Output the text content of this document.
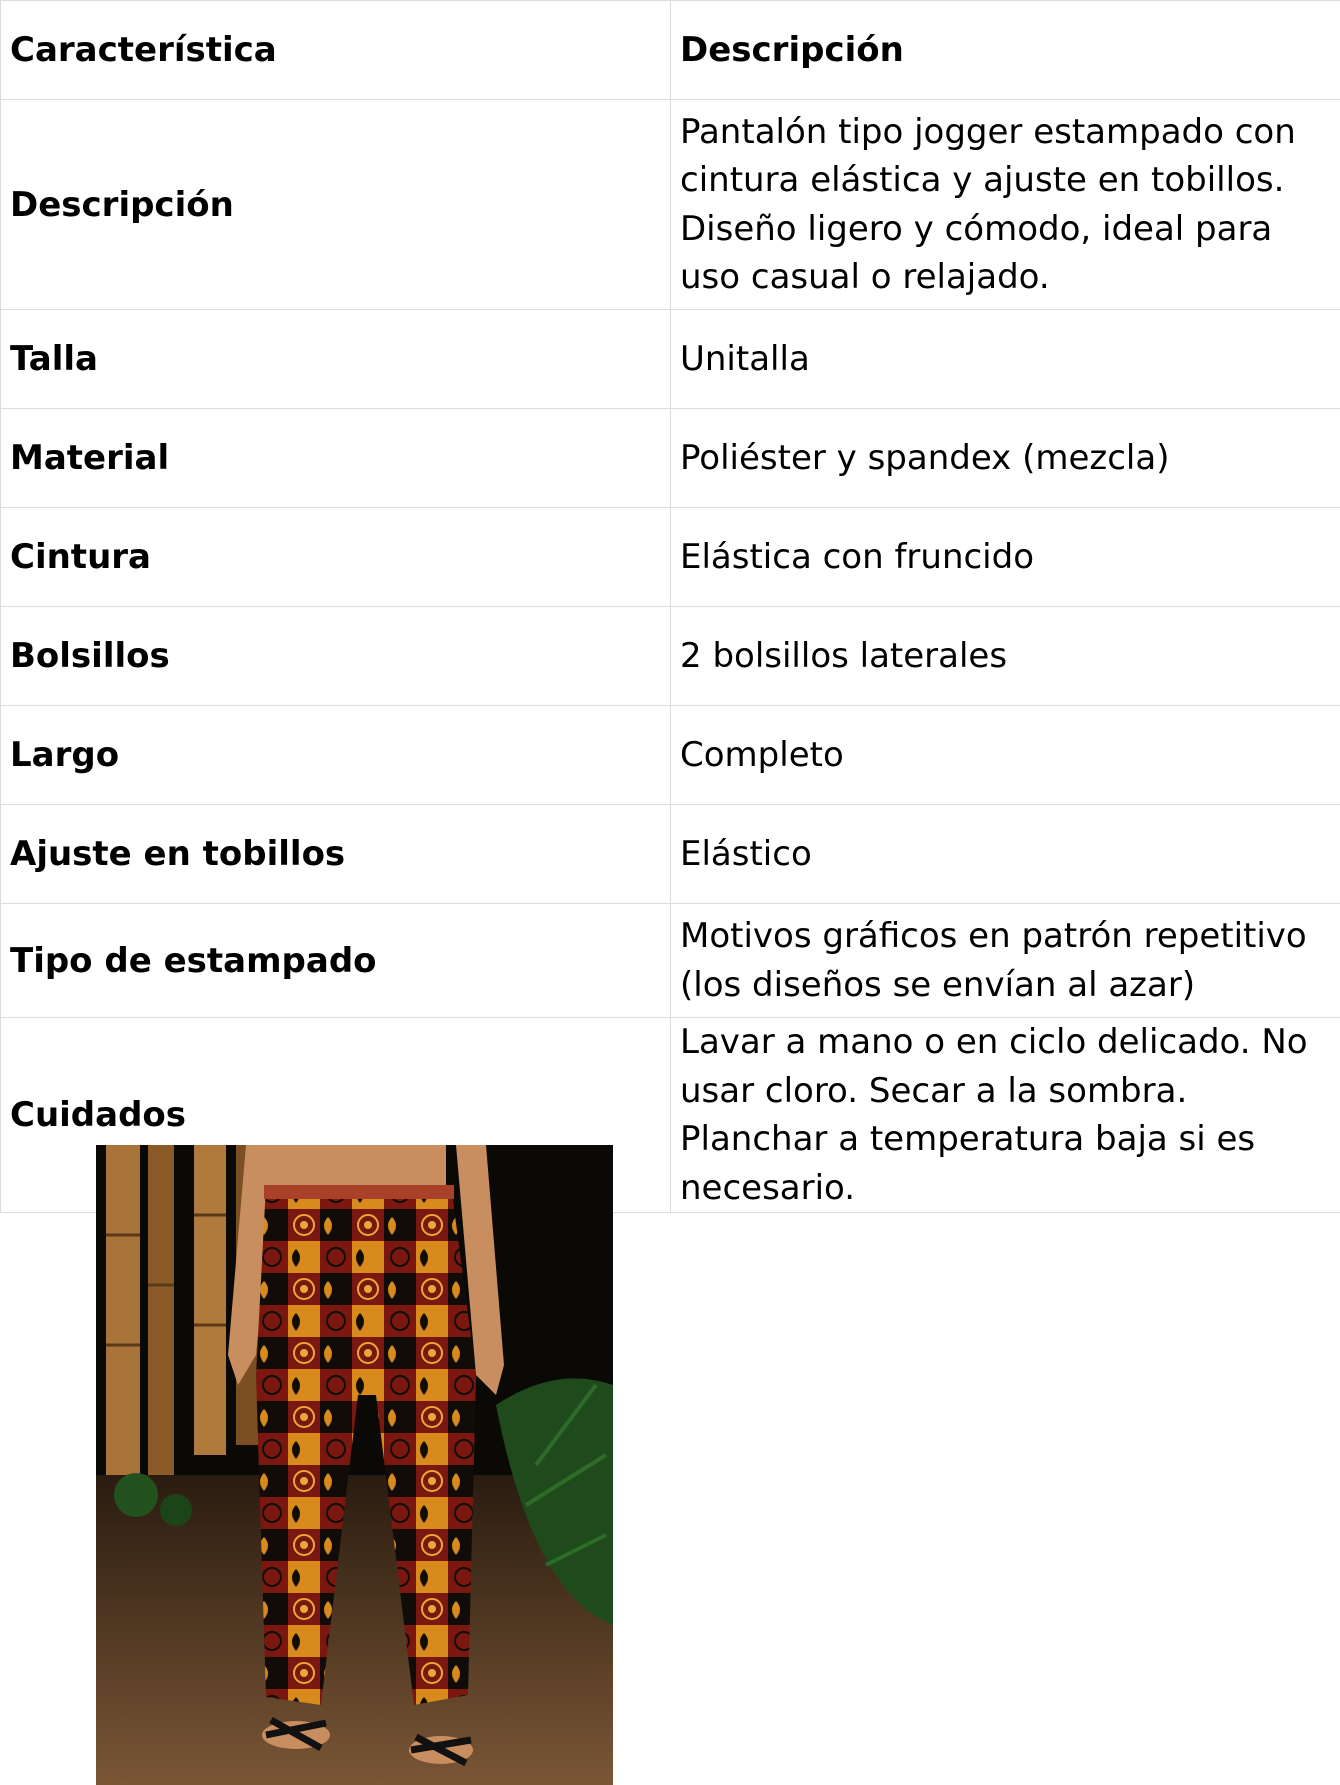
Característica	Descripción
Descripción	Pantalón tipo jogger estampado con cintura elástica y ajuste en tobillos. Diseño ligero y cómodo, ideal para uso casual o relajado.
Talla	Unitalla
Material	Poliéster y spandex (mezcla)
Cintura	Elástica con fruncido
Bolsillos	2 bolsillos laterales
Largo	Completo
Ajuste en tobillos	Elástico
Tipo de estampado	Motivos gráficos en patrón repetitivo (los diseños se envían al azar)
Cuidados	Lavar a mano o en ciclo delicado. No usar cloro. Secar a la sombra. Planchar a temperatura baja si es necesario.
